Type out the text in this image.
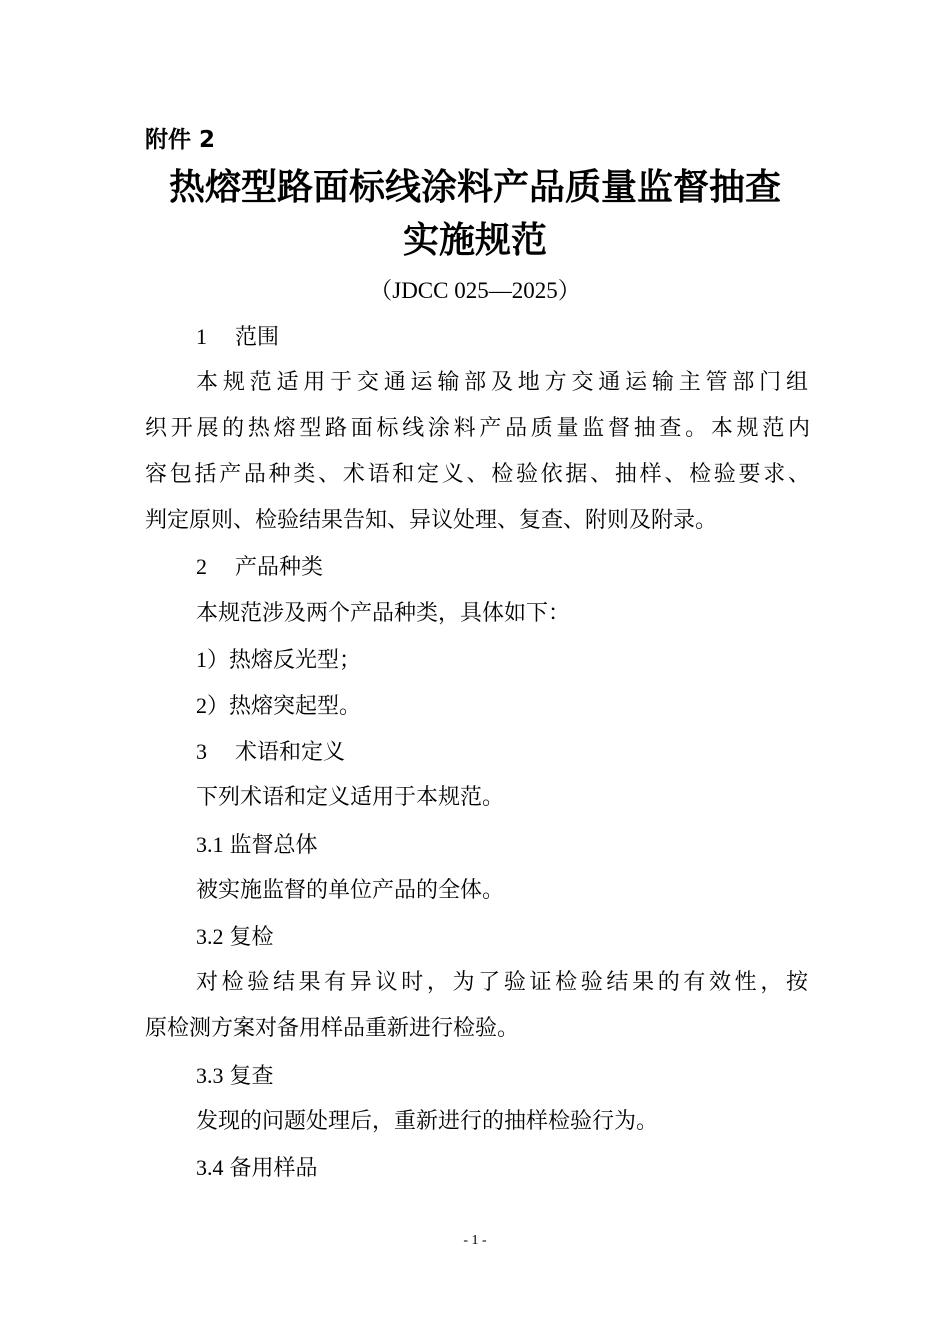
附件 2
热熔型路面标线涂料产品质量监督抽查
实施规范
（JDCC 025—2025）
1 范围
本规范适用于交通运输部及地方交通运输主管部门组
织开展的热熔型路面标线涂料产品质量监督抽查。本规范内
容包括产品种类、术语和定义、检验依据、抽样、检验要求、
判定原则、检验结果告知、异议处理、复查、附则及附录。
2 产品种类
本规范涉及两个产品种类，具体如下：
1）热熔反光型；
2）热熔突起型。
3 术语和定义
下列术语和定义适用于本规范。
3.1 监督总体
被实施监督的单位产品的全体。
3.2 复检
对检验结果有异议时，为了验证检验结果的有效性，按
原检测方案对备用样品重新进行检验。
3.3 复查
发现的问题处理后，重新进行的抽样检验行为。
3.4 备用样品
- 1 -
